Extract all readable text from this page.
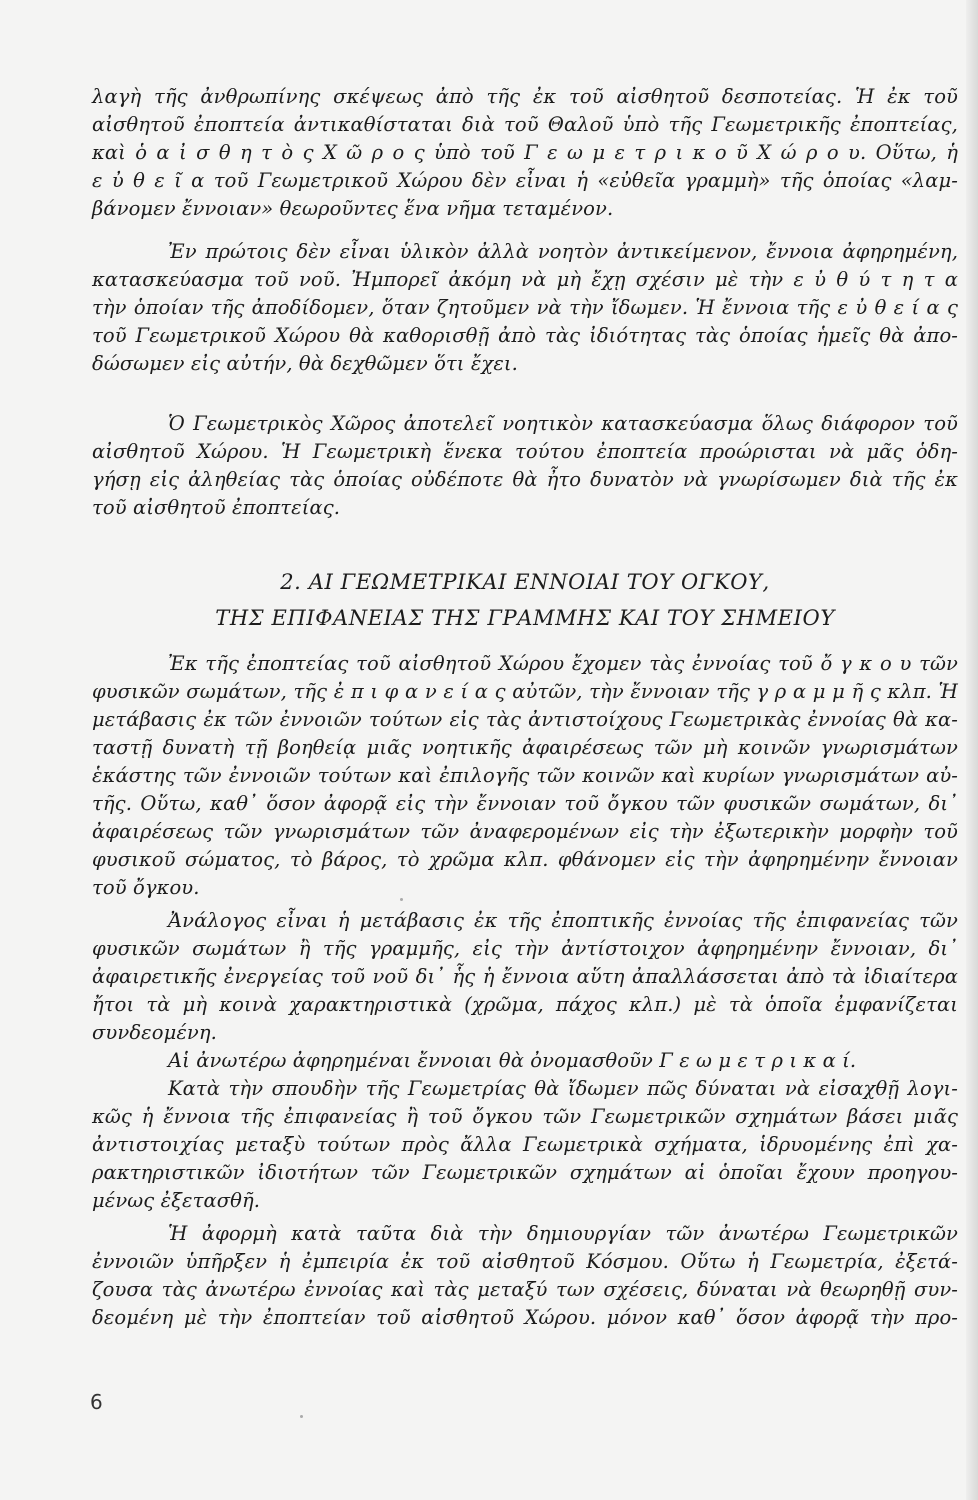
λαγὴ τῆς ἀνθρωπίνης σκέψεως ἀπὸ τῆς ἐκ τοῦ αἰσθητοῦ δεσποτείας. Ἡ ἐκ τοῦ
αἰσθητοῦ ἐποπτεία ἀντικαθίσταται διὰ τοῦ Θαλοῦ ὑπὸ τῆς Γεωμετρικῆς ἐποπτείας,
καὶ ὁ α ἰ σ θ η τ ὸ ς Χ ῶ ρ ο ς ὑπὸ τοῦ Γ ε ω μ ε τ ρ ι κ ο ῦ Χ ώ ρ ο υ. Οὕτω, ἡ
ε ὐ θ ε ῖ α τοῦ Γεωμετρικοῦ Χώρου δὲν εἶναι ἡ «εὐθεῖα γραμμὴ» τῆς ὁποίας «λαμ-
βάνομεν ἔννοιαν» θεωροῦντες ἕνα νῆμα τεταμένον.
Ἐν πρώτοις δὲν εἶναι ὑλικὸν ἀλλὰ νοητὸν ἀντικείμενον, ἔννοια ἀφηρημένη,
κατασκεύασμα τοῦ νοῦ. Ἠμπορεῖ ἀκόμη νὰ μὴ ἔχῃ σχέσιν μὲ τὴν ε ὐ θ ύ τ η τ α
τὴν ὁποίαν τῆς ἀποδίδομεν, ὅταν ζητοῦμεν νὰ τὴν ἴδωμεν. Ἡ ἔννοια τῆς ε ὐ θ ε ί α ς
τοῦ Γεωμετρικοῦ Χώρου θὰ καθορισθῇ ἀπὸ τὰς ἰδιότητας τὰς ὁποίας ἡμεῖς θὰ ἀπο-
δώσωμεν εἰς αὐτήν, θὰ δεχθῶμεν ὅτι ἔχει.
Ὁ Γεωμετρικὸς Χῶρος ἀποτελεῖ νοητικὸν κατασκεύασμα ὅλως διάφορον τοῦ
αἰσθητοῦ Χώρου. Ἡ Γεωμετρικὴ ἕνεκα τούτου ἐποπτεία πρoώρισται νὰ μᾶς ὁδη-
γήσῃ εἰς ἀληθείας τὰς ὁποίας οὐδέποτε θὰ ἦτο δυνατὸν νὰ γνωρίσωμεν διὰ τῆς ἐκ
τοῦ αἰσθητοῦ ἐποπτείας.
2. ΑΙ ΓΕΩΜΕΤΡΙΚΑΙ ΕΝΝΟΙΑΙ ΤΟΥ ΟΓΚΟΥ,
ΤΗΣ ΕΠΙΦΑΝΕΙΑΣ ΤΗΣ ΓΡΑΜΜΗΣ ΚΑΙ ΤΟΥ ΣΗΜΕΙΟΥ
Ἐκ τῆς ἐποπτείας τοῦ αἰσθητοῦ Χώρου ἔχομεν τὰς ἐννοίας τοῦ ὄ γ κ ο υ τῶν
φυσικῶν σωμάτων, τῆς ἐ π ι φ α ν ε ί α ς αὐτῶν, τὴν ἔννοιαν τῆς γ ρ α μ μ ῆ ς κλπ. Ἡ
μετάβασις ἐκ τῶν ἐννοιῶν τούτων εἰς τὰς ἀντιστοίχους Γεωμετρικὰς ἐννοίας θὰ κα-
ταστῇ δυνατὴ τῇ βοηθείᾳ μιᾶς νοητικῆς ἀφαιρέσεως τῶν μὴ κοινῶν γνωρισμάτων
ἑκάστης τῶν ἐννοιῶν τούτων καὶ ἐπιλογῆς τῶν κοινῶν καὶ κυρίων γνωρισμάτων αὐ-
τῆς. Οὕτω, καθ᾽ ὅσον ἀφορᾷ εἰς τὴν ἔννοιαν τοῦ ὄγκου τῶν φυσικῶν σωμάτων, δι᾽
ἀφαιρέσεως τῶν γνωρισμάτων τῶν ἀναφερομένων εἰς τὴν ἐξωτερικὴν μορφὴν τοῦ
φυσικοῦ σώματος, τὸ βάρος, τὸ χρῶμα κλπ. φθάνομεν εἰς τὴν ἀφηρημένην ἔννοιαν
τοῦ ὄγκου.
Ἀνάλογος εἶναι ἡ μετάβασις ἐκ τῆς ἐποπτικῆς ἐννοίας τῆς ἐπιφανείας τῶν
φυσικῶν σωμάτων ἢ τῆς γραμμῆς, εἰς τὴν ἀντίστοιχον ἀφηρημένην ἔννοιαν, δι᾽
ἀφαιρετικῆς ἐνεργείας τοῦ νοῦ δι᾽ ἧς ἡ ἔννοια αὕτη ἀπαλλάσσεται ἀπὸ τὰ ἰδιαίτερα
ἤτοι τὰ μὴ κοινὰ χαρακτηριστικὰ (χρῶμα, πάχος κλπ.) μὲ τὰ ὁποῖα ἐμφανίζεται
συνδεομένη.
Αἱ ἀνωτέρω ἀφηρημέναι ἔννοιαι θὰ ὀνομασθοῦν Γ ε ω μ ε τ ρ ι κ α ί.
Κατὰ τὴν σπουδὴν τῆς Γεωμετρίας θὰ ἴδωμεν πῶς δύναται νὰ εἰσαχθῇ λογι-
κῶς ἡ ἔννοια τῆς ἐπιφανείας ἢ τοῦ ὄγκου τῶν Γεωμετρικῶν σχημάτων βάσει μιᾶς
ἀντιστοιχίας μεταξὺ τούτων πρὸς ἄλλα Γεωμετρικὰ σχήματα, ἱδρυομένης ἐπὶ χα-
ρακτηριστικῶν ἰδιοτήτων τῶν Γεωμετρικῶν σχημάτων αἱ ὁποῖαι ἔχουν προηγου-
μένως ἐξετασθῆ.
Ἡ ἀφορμὴ κατὰ ταῦτα διὰ τὴν δημιουργίαν τῶν ἀνωτέρω Γεωμετρικῶν
ἐννοιῶν ὑπῆρξεν ἡ ἐμπειρία ἐκ τοῦ αἰσθητοῦ Κόσμου. Οὕτω ἡ Γεωμετρία, ἐξετά-
ζουσα τὰς ἀνωτέρω ἐννοίας καὶ τὰς μεταξύ των σχέσεις, δύναται νὰ θεωρηθῇ συν-
δεομένη μὲ τὴν ἐποπτείαν τοῦ αἰσθητοῦ Χώρου. μόνον καθ᾽ ὅσον ἀφορᾷ τὴν προ-
6
